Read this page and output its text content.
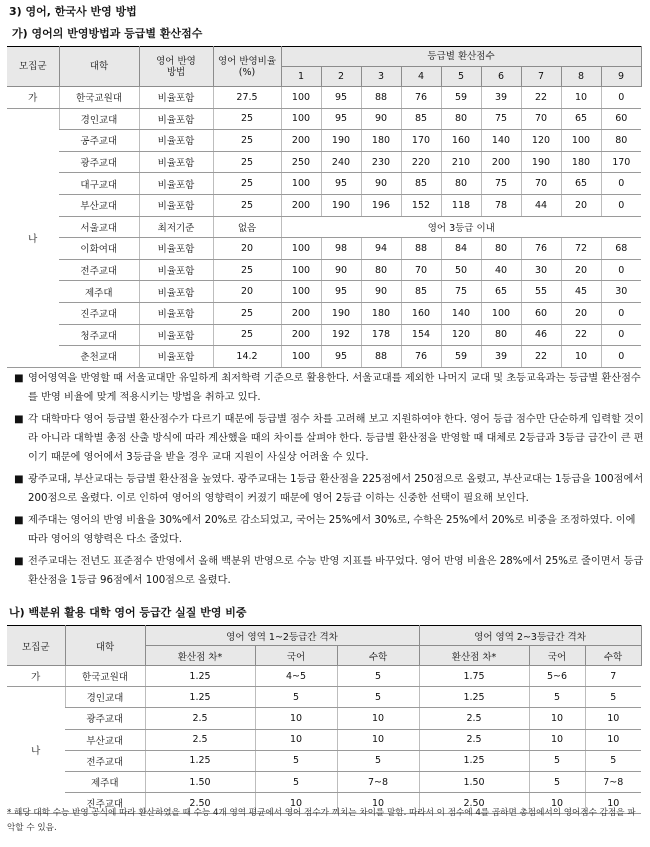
3) 영어, 한국사 반영 방법
가) 영어의 반영방법과 등급별 환산점수
모집군	대학	영어 반영방법	영어 반영비율(%)	등급별 환산점수								
				1	2	3	4	5	6	7	8	9
가	한국교원대	비율포함	27.5	100	95	88	76	59	39	22	10	0
나	경인교대	비율포함	25	100	95	90	85	80	75	70	65	60
	공주교대	비율포함	25	200	190	180	170	160	140	120	100	80
	광주교대	비율포함	25	250	240	230	220	210	200	190	180	170
	대구교대	비율포함	25	100	95	90	85	80	75	70	65	0
	부산교대	비율포함	25	200	190	196	152	118	78	44	20	0
	서울교대	최저기준	없음	영어 3등급 이내								
	이화여대	비율포함	20	100	98	94	88	84	80	76	72	68
	전주교대	비율포함	25	100	90	80	70	50	40	30	20	0
	제주대	비율포함	20	100	95	90	85	75	65	55	45	30
	진주교대	비율포함	25	200	190	180	160	140	100	60	20	0
	청주교대	비율포함	25	200	192	178	154	120	80	46	22	0
	춘천교대	비율포함	14.2	100	95	88	76	59	39	22	10	0
■ 영어영역을 반영할 때 서울교대만 유일하게 최저학력 기준으로 활용한다. 서울교대를 제외한 나머지 교대 및 초등교육과는 등급별 환산점수를 반영 비율에 맞게 적용시키는 방법을 취하고 있다.
■ 각 대학마다 영어 등급별 환산점수가 다르기 때문에 등급별 점수 차를 고려해 보고 지원하여야 한다. 영어 등급 점수만 단순하게 입력할 것이라 아니라 대학별 총점 산출 방식에 따라 계산했을 때의 차이를 살펴야 한다. 등급별 환산점을 반영할 때 대체로 2등급과 3등급 급간이 큰 편이기 때문에 영어에서 3등급을 받을 경우 교대 지원이 사실상 어려울 수 있다.
■ 광주교대, 부산교대는 등급별 환산점을 높였다. 광주교대는 1등급 환산점을 225점에서 250점으로 올렸고, 부산교대는 1등급을 100점에서 200점으로 올렸다. 이로 인하여 영어의 영향력이 커졌기 때문에 영어 2등급 이하는 신중한 선택이 필요해 보인다.
■ 제주대는 영어의 반영 비율을 30%에서 20%로 감소되었고, 국어는 25%에서 30%로, 수학은 25%에서 20%로 비중을 조정하였다. 이에 따라 영어의 영향력은 다소 줄었다.
■ 전주교대는 전년도 표준점수 반영에서 올해 백분위 반영으로 수능 반영 지표를 바꾸었다. 영어 반영 비율은 28%에서 25%로 줄이면서 등급 환산점을 1등급 96점에서 100점으로 올렸다.
나) 백분위 활용 대학 영어 등급간 실질 반영 비중
모집군	대학	영어 영역 1~2등급간 격차			영어 영역 2~3등급간 격차		
		환산점 차*	국어	수학	환산점 차*	국어	수학
가	한국교원대	1.25	4~5	5	1.75	5~6	7
나	경인교대	1.25	5	5	1.25	5	5
	광주교대	2.5	10	10	2.5	10	10
	부산교대	2.5	10	10	2.5	10	10
	전주교대	1.25	5	5	1.25	5	5
	제주대	1.50	5	7~8	1.50	5	7~8
	진주교대	2.50	10	10	2.50	10	10
* 해당 대학 수능 반영 공식에 따라 환산하였을 때 수능 4개 영역 평균에서 영어 점수가 끼치는 차이를 말함. 따라서 이 점수에 4를 곱하면 총점에서의 영어점수 감점을 파악할 수 있음.
